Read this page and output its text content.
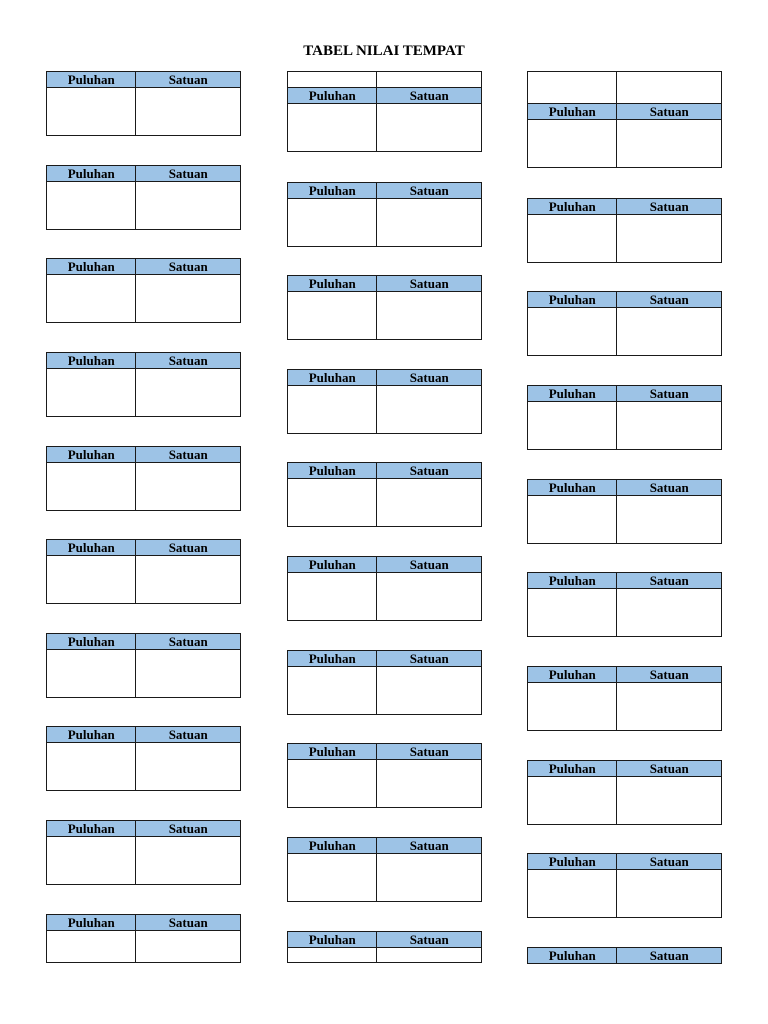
TABEL NILAI TEMPAT
Puluhan	Satuan

Puluhan	Satuan

Puluhan	Satuan

Puluhan	Satuan

Puluhan	Satuan

Puluhan	Satuan

Puluhan	Satuan

Puluhan	Satuan

Puluhan	Satuan

Puluhan	Satuan

Puluhan	Satuan

Puluhan	Satuan

Puluhan	Satuan

Puluhan	Satuan

Puluhan	Satuan

Puluhan	Satuan

Puluhan	Satuan

Puluhan	Satuan

Puluhan	Satuan

Puluhan	Satuan

Puluhan	Satuan

Puluhan	Satuan

Puluhan	Satuan

Puluhan	Satuan

Puluhan	Satuan

Puluhan	Satuan

Puluhan	Satuan

Puluhan	Satuan

Puluhan	Satuan

Puluhan	Satuan
